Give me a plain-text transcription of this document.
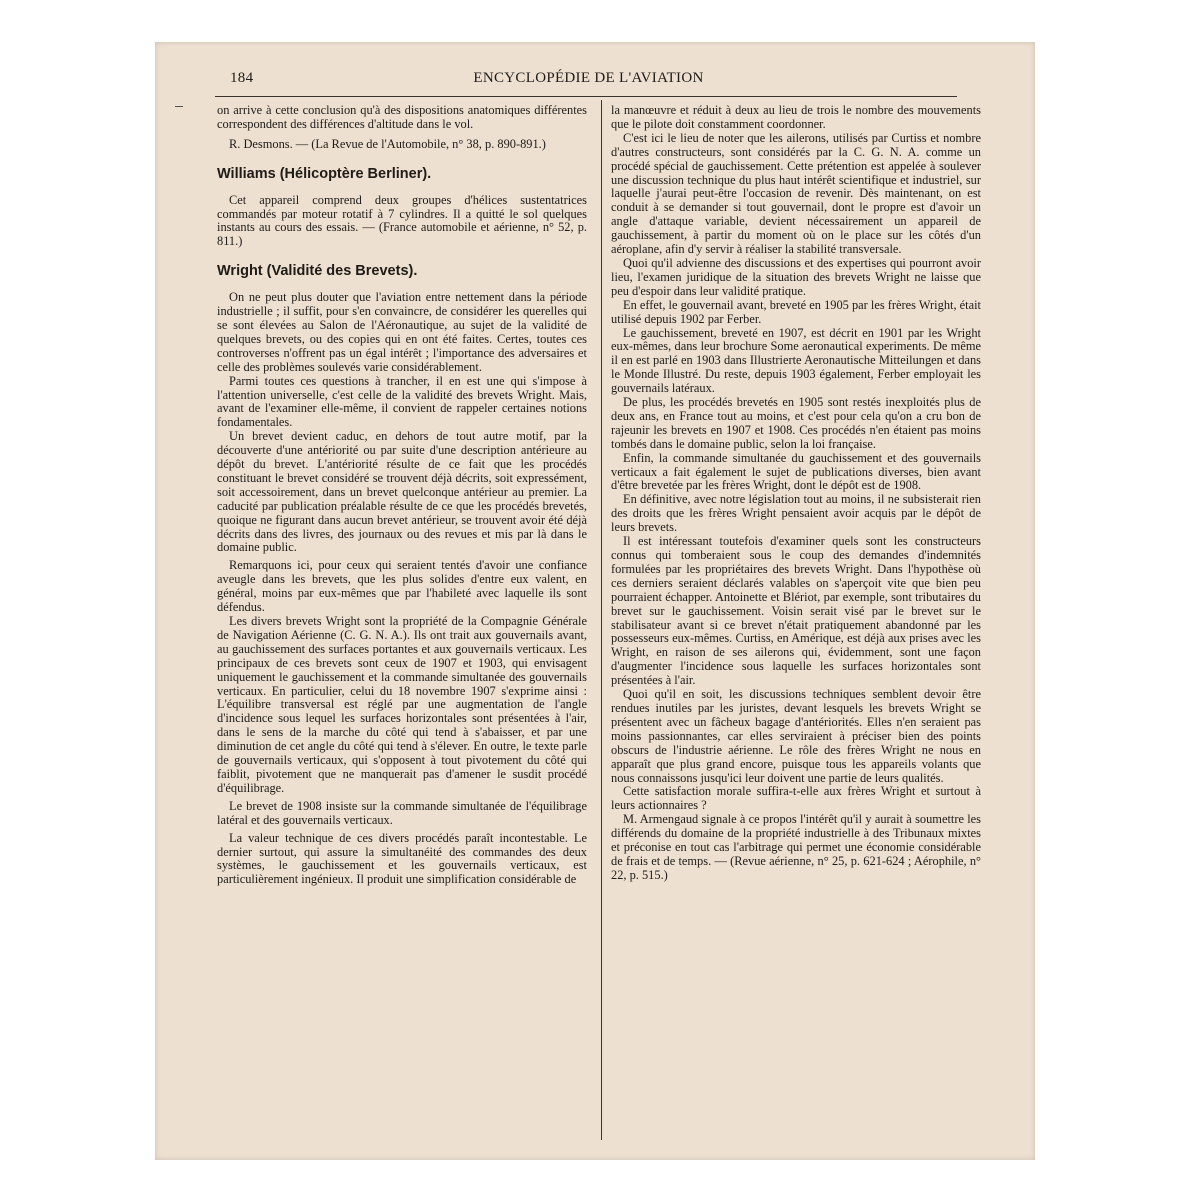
184	ENCYCLOPÉDIE DE L'AVIATION

on arrive à cette conclusion qu'à des dispositions anatomiques différentes correspondent des différences d'altitude dans le vol.

R. Desmons. — (La Revue de l'Automobile, n° 38, p. 890-891.)

Williams (Hélicoptère Berliner).

Cet appareil comprend deux groupes d'hélices sustentatrices commandés par moteur rotatif à 7 cylindres. Il a quitté le sol quelques instants au cours des essais. — (France automobile et aérienne, n° 52, p. 811.)

Wright (Validité des Brevets).

On ne peut plus douter que l'aviation entre nettement dans la période industrielle ; il suffit, pour s'en convaincre, de considérer les querelles qui se sont élevées au Salon de l'Aéronautique, au sujet de la validité de quelques brevets, ou des copies qui en ont été faites. Certes, toutes ces controverses n'offrent pas un égal intérêt ; l'importance des adversaires et celle des problèmes soulevés varie considérablement.

Parmi toutes ces questions à trancher, il en est une qui s'impose à l'attention universelle, c'est celle de la validité des brevets Wright. Mais, avant de l'examiner elle-même, il convient de rappeler certaines notions fondamentales.

Un brevet devient caduc, en dehors de tout autre motif, par la découverte d'une antériorité ou par suite d'une description antérieure au dépôt du brevet. L'antériorité résulte de ce fait que les procédés constituant le brevet considéré se trouvent déjà décrits, soit expressément, soit accessoirement, dans un brevet quelconque antérieur au premier. La caducité par publication préalable résulte de ce que les procédés brevetés, quoique ne figurant dans aucun brevet antérieur, se trouvent avoir été déjà décrits dans des livres, des journaux ou des revues et mis par là dans le domaine public.

Remarquons ici, pour ceux qui seraient tentés d'avoir une confiance aveugle dans les brevets, que les plus solides d'entre eux valent, en général, moins par eux-mêmes que par l'habileté avec laquelle ils sont défendus.

Les divers brevets Wright sont la propriété de la Compagnie Générale de Navigation Aérienne (C. G. N. A.). Ils ont trait aux gouvernails avant, au gauchissement des surfaces portantes et aux gouvernails verticaux. Les principaux de ces brevets sont ceux de 1907 et 1903, qui envisagent uniquement le gauchissement et la commande simultanée des gouvernails verticaux. En particulier, celui du 18 novembre 1907 s'exprime ainsi : L'équilibre transversal est réglé par une augmentation de l'angle d'incidence sous lequel les surfaces horizontales sont présentées à l'air, dans le sens de la marche du côté qui tend à s'abaisser, et par une diminution de cet angle du côté qui tend à s'élever. En outre, le texte parle de gouvernails verticaux, qui s'opposent à tout pivotement du côté qui faiblit, pivotement que ne manquerait pas d'amener le susdit procédé d'équilibrage.

Le brevet de 1908 insiste sur la commande simultanée de l'équilibrage latéral et des gouvernails verticaux.

La valeur technique de ces divers procédés paraît incontestable. Le dernier surtout, qui assure la simultanéité des commandes des deux systèmes, le gauchissement et les gouvernails verticaux, est particulièrement ingénieux. Il produit une simplification considérable de

la manœuvre et réduit à deux au lieu de trois le nombre des mouvements que le pilote doit constamment coordonner.

C'est ici le lieu de noter que les ailerons, utilisés par Curtiss et nombre d'autres constructeurs, sont considérés par la C. G. N. A. comme un procédé spécial de gauchissement. Cette prétention est appelée à soulever une discussion technique du plus haut intérêt scientifique et industriel, sur laquelle j'aurai peut-être l'occasion de revenir. Dès maintenant, on est conduit à se demander si tout gouvernail, dont le propre est d'avoir un angle d'attaque variable, devient nécessairement un appareil de gauchissement, à partir du moment où on le place sur les côtés d'un aéroplane, afin d'y servir à réaliser la stabilité transversale.

Quoi qu'il advienne des discussions et des expertises qui pourront avoir lieu, l'examen juridique de la situation des brevets Wright ne laisse que peu d'espoir dans leur validité pratique.

En effet, le gouvernail avant, breveté en 1905 par les frères Wright, était utilisé depuis 1902 par Ferber.

Le gauchissement, breveté en 1907, est décrit en 1901 par les Wright eux-mêmes, dans leur brochure Some aeronautical experiments. De même il en est parlé en 1903 dans Illustrierte Aeronautische Mitteilungen et dans le Monde Illustré. Du reste, depuis 1903 également, Ferber employait les gouvernails latéraux.

De plus, les procédés brevetés en 1905 sont restés inexploités plus de deux ans, en France tout au moins, et c'est pour cela qu'on a cru bon de rajeunir les brevets en 1907 et 1908. Ces procédés n'en étaient pas moins tombés dans le domaine public, selon la loi française.

Enfin, la commande simultanée du gauchissement et des gouvernails verticaux a fait également le sujet de publications diverses, bien avant d'être brevetée par les frères Wright, dont le dépôt est de 1908.

En définitive, avec notre législation tout au moins, il ne subsisterait rien des droits que les frères Wright pensaient avoir acquis par le dépôt de leurs brevets.

Il est intéressant toutefois d'examiner quels sont les constructeurs connus qui tomberaient sous le coup des demandes d'indemnités formulées par les propriétaires des brevets Wright. Dans l'hypothèse où ces derniers seraient déclarés valables on s'aperçoit vite que bien peu pourraient échapper. Antoinette et Blériot, par exemple, sont tributaires du brevet sur le gauchissement. Voisin serait visé par le brevet sur le stabilisateur avant si ce brevet n'était pratiquement abandonné par les possesseurs eux-mêmes. Curtiss, en Amérique, est déjà aux prises avec les Wright, en raison de ses ailerons qui, évidemment, sont une façon d'augmenter l'incidence sous laquelle les surfaces horizontales sont présentées à l'air.

Quoi qu'il en soit, les discussions techniques semblent devoir être rendues inutiles par les juristes, devant lesquels les brevets Wright se présentent avec un fâcheux bagage d'antériorités. Elles n'en seraient pas moins passionnantes, car elles serviraient à préciser bien des points obscurs de l'industrie aérienne. Le rôle des frères Wright ne nous en apparaît que plus grand encore, puisque tous les appareils volants que nous connaissons jusqu'ici leur doivent une partie de leurs qualités.

Cette satisfaction morale suffira-t-elle aux frères Wright et surtout à leurs actionnaires ?

M. Armengaud signale à ce propos l'intérêt qu'il y aurait à soumettre les différends du domaine de la propriété industrielle à des Tribunaux mixtes et préconise en tout cas l'arbitrage qui permet une économie considérable de frais et de temps. — (Revue aérienne, n° 25, p. 621-624 ; Aérophile, n° 22, p. 515.)
